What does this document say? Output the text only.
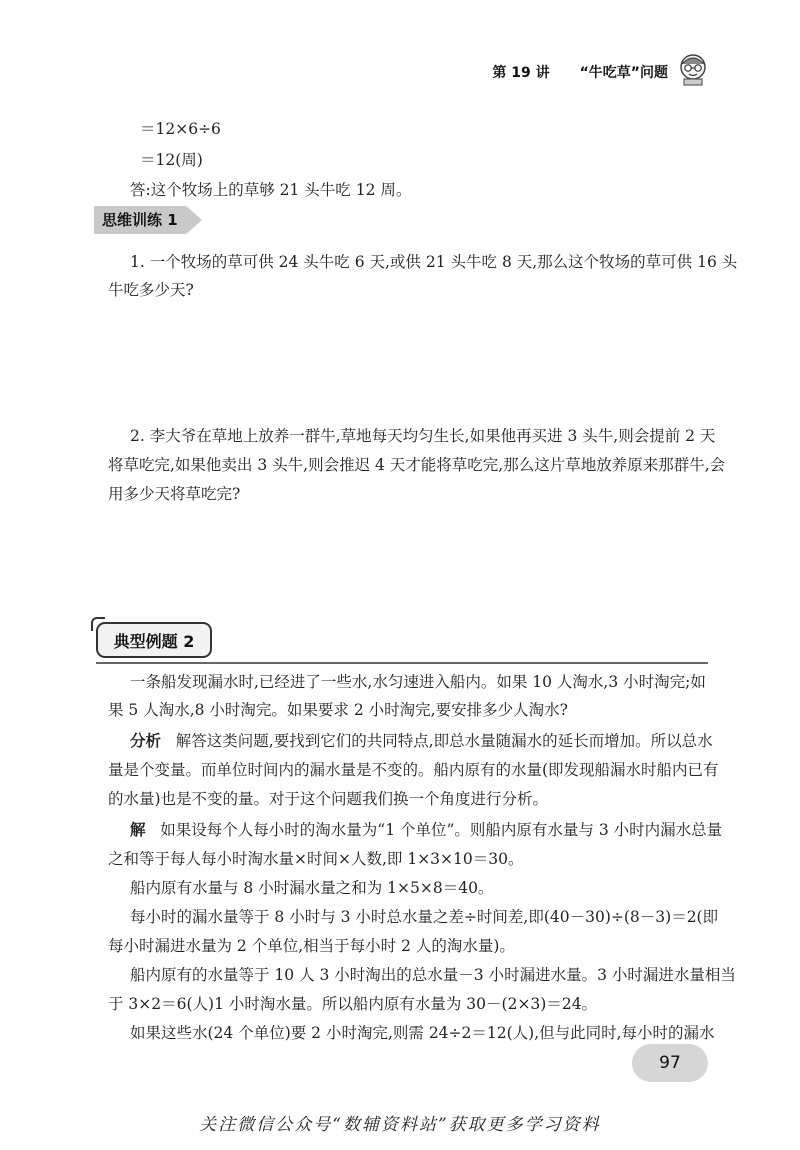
第 19 讲 “牛吃草”问题
＝12×6÷6
＝12(周)
答:这个牧场上的草够 21 头牛吃 12 周。
思维训练 1
1. 一个牧场的草可供 24 头牛吃 6 天,或供 21 头牛吃 8 天,那么这个牧场的草可供 16 头
牛吃多少天?
2. 李大爷在草地上放养一群牛,草地每天均匀生长,如果他再买进 3 头牛,则会提前 2 天
将草吃完,如果他卖出 3 头牛,则会推迟 4 天才能将草吃完,那么这片草地放养原来那群牛,会
用多少天将草吃完?
典型例题 2
一条船发现漏水时,已经进了一些水,水匀速进入船内。如果 10 人淘水,3 小时淘完;如
果 5 人淘水,8 小时淘完。如果要求 2 小时淘完,要安排多少人淘水?
分析 解答这类问题,要找到它们的共同特点,即总水量随漏水的延长而增加。所以总水
量是个变量。而单位时间内的漏水量是不变的。船内原有的水量(即发现船漏水时船内已有
的水量)也是不变的量。对于这个问题我们换一个角度进行分析。
解 如果设每个人每小时的淘水量为“1 个单位”。则船内原有水量与 3 小时内漏水总量
之和等于每人每小时淘水量×时间×人数,即 1×3×10＝30。
船内原有水量与 8 小时漏水量之和为 1×5×8＝40。
每小时的漏水量等于 8 小时与 3 小时总水量之差÷时间差,即(40－30)÷(8－3)＝2(即
每小时漏进水量为 2 个单位,相当于每小时 2 人的淘水量)。
船内原有的水量等于 10 人 3 小时淘出的总水量－3 小时漏进水量。3 小时漏进水量相当
于 3×2＝6(人)1 小时淘水量。所以船内原有水量为 30－(2×3)＝24。
如果这些水(24 个单位)要 2 小时淘完,则需 24÷2＝12(人),但与此同时,每小时的漏水
97
关注微信公众号“数辅资料站”获取更多学习资料
